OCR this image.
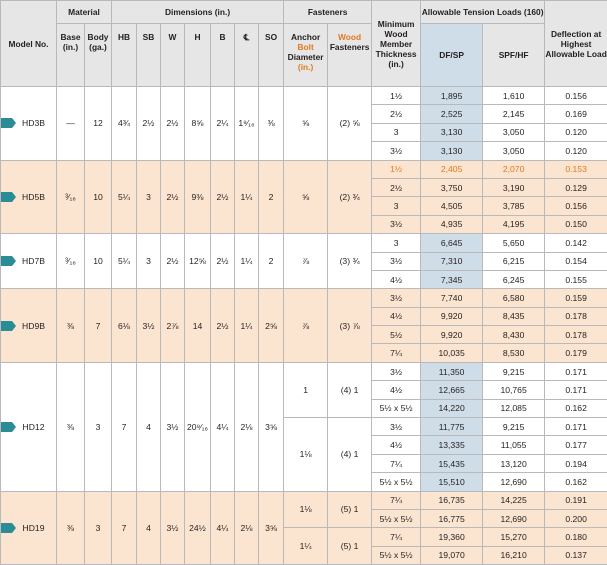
Model No.	Material		Dimensions (in.)							Fasteners		Minimum Wood Member Thickness (in.)	Allowable Tension Loads (160)		Deflection at Highest Allowable Load
	Base (in.)	Body (ga.)	HB	SB	W	H	B	℄	SO	Anchor
Bolt
Diameter
(in.)	Wood
Fasteners		DF/SP	SPF/HF	

HD3B	—	12	4¾	2½	2½	8⅝	2¼	1⁹⁄₁₆	⅜	⅝	(2) ⅝	1½	1,895	1,610	0.156
												2½	2,525	2,145	0.169
												3	3,130	3,050	0.120
												3½	3,130	3,050	0.120

HD5B	³⁄₁₆	10	5¼	3	2½	9⅜	2½	1¼	2	⅝	(2) ¾	1½	2,405	2,070	0.153
												2½	3,750	3,190	0.129
												3	4,505	3,785	0.156
												3½	4,935	4,195	0.150

HD7B	³⁄₁₆	10	5¼	3	2½	12⅝	2½	1¼	2	⅞	(3) ¾	3	6,645	5,650	0.142
												3½	7,310	6,215	0.154
												4½	7,345	6,245	0.155

HD9B	⅜	7	6⅛	3½	2⅞	14	2½	1¼	2⅝	⅞	(3) ⅞	3½	7,740	6,580	0.159
												4½	9,920	8,435	0.178
												5½	9,920	8,430	0.178
												7¼	10,035	8,530	0.179

HD12	⅜	3	7	4	3½	20⁹⁄₁₆	4¼	2⅛	3⅝	1	(4) 1	3½	11,350	9,215	0.171
												4½	12,665	10,765	0.171
												5½ x 5½	14,220	12,085	0.162
										1⅛	(4) 1	3½	11,775	9,215	0.171
												4½	13,335	11,055	0.177
												7¼	15,435	13,120	0.194
												5½ x 5½	15,510	12,690	0.162

HD19	⅜	3	7	4	3½	24½	4¼	2⅛	3⅝	1⅛	(5) 1	7¼	16,735	14,225	0.191
												5½ x 5½	16,775	12,690	0.200
										1¼	(5) 1	7¼	19,360	15,270	0.180
												5½ x 5½	19,070	16,210	0.137
